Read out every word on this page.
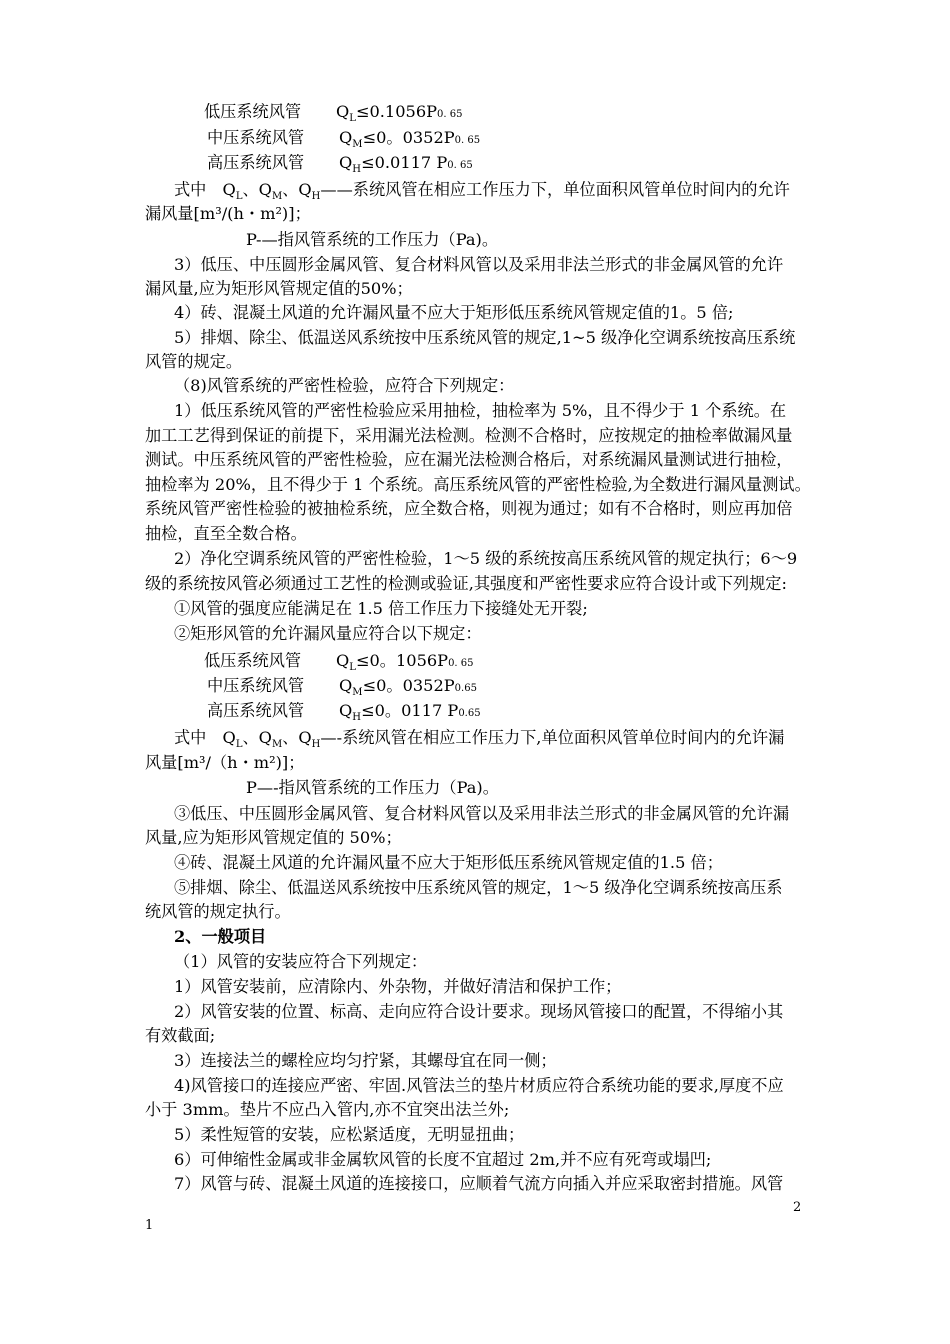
低压系统风管 $Q_L\le 0.1056P0$. 65
中压系统风管 $Q_M\le 0$。0352P0. 65
高压系统风管 $Q_H\le 0.0117$ P0. 65
式中　$Q_L$、$Q_M$、$Q_H——$系统风管在相应工作压力下，单位面积风管单位时间内的允许
漏风量[m³/(h・m²)]；
P-—指风管系统的工作压力（Pa)。
3）低压、中压圆形金属风管、复合材料风管以及采用非法兰形式的非金属风管的允许
漏风量,应为矩形风管规定值的50%；
4）砖、混凝土风道的允许漏风量不应大于矩形低压系统风管规定值的1。5 倍;
5）排烟、除尘、低温送风系统按中压系统风管的规定,1~5 级净化空调系统按高压系统
风管的规定。
（8)风管系统的严密性检验，应符合下列规定：
1）低压系统风管的严密性检验应采用抽检，抽检率为 5%，且不得少于 1 个系统。在
加工工艺得到保证的前提下，采用漏光法检测。检测不合格时，应按规定的抽检率做漏风量
测试。中压系统风管的严密性检验，应在漏光法检测合格后，对系统漏风量测试进行抽检，
抽检率为 20%，且不得少于 1 个系统。高压系统风管的严密性检验,为全数进行漏风量测试。
系统风管严密性检验的被抽检系统，应全数合格，则视为通过；如有不合格时，则应再加倍
抽检，直至全数合格。
2）净化空调系统风管的严密性检验，1～5 级的系统按高压系统风管的规定执行；6～9
级的系统按风管必须通过工艺性的检测或验证,其强度和严密性要求应符合设计或下列规定:
①风管的强度应能满足在 1.5 倍工作压力下接缝处无开裂;
②矩形风管的允许漏风量应符合以下规定：
低压系统风管 $Q_L\le 0$。1056P0. 65
中压系统风管 $Q_M\le 0$。0352P0.65
高压系统风管 $Q_H\le 0$。0117 P0.65
式中　$Q_L$、$Q_M$、$Q_H—-$系统风管在相应工作压力下,单位面积风管单位时间内的允许漏
风量[m³/（h・m²)]；
P—-指风管系统的工作压力（Pa)。
③低压、中压圆形金属风管、复合材料风管以及采用非法兰形式的非金属风管的允许漏
风量,应为矩形风管规定值的 50%；
④砖、混凝土风道的允许漏风量不应大于矩形低压系统风管规定值的1.5 倍；
⑤排烟、除尘、低温送风系统按中压系统风管的规定，1～5 级净化空调系统按高压系
统风管的规定执行。
2、一般项目
（1）风管的安装应符合下列规定：
1）风管安装前，应清除内、外杂物，并做好清洁和保护工作；
2）风管安装的位置、标高、走向应符合设计要求。现场风管接口的配置，不得缩小其
有效截面;
3）连接法兰的螺栓应均匀拧紧，其螺母宜在同一侧；
4)风管接口的连接应严密、牢固.风管法兰的垫片材质应符合系统功能的要求,厚度不应
小于 3mm。垫片不应凸入管内,亦不宜突出法兰外;
5）柔性短管的安装，应松紧适度，无明显扭曲；
6）可伸缩性金属或非金属软风管的长度不宜超过 2m,并不应有死弯或塌凹;
7）风管与砖、混凝土风道的连接接口，应顺着气流方向插入并应采取密封措施。风管
2
1
